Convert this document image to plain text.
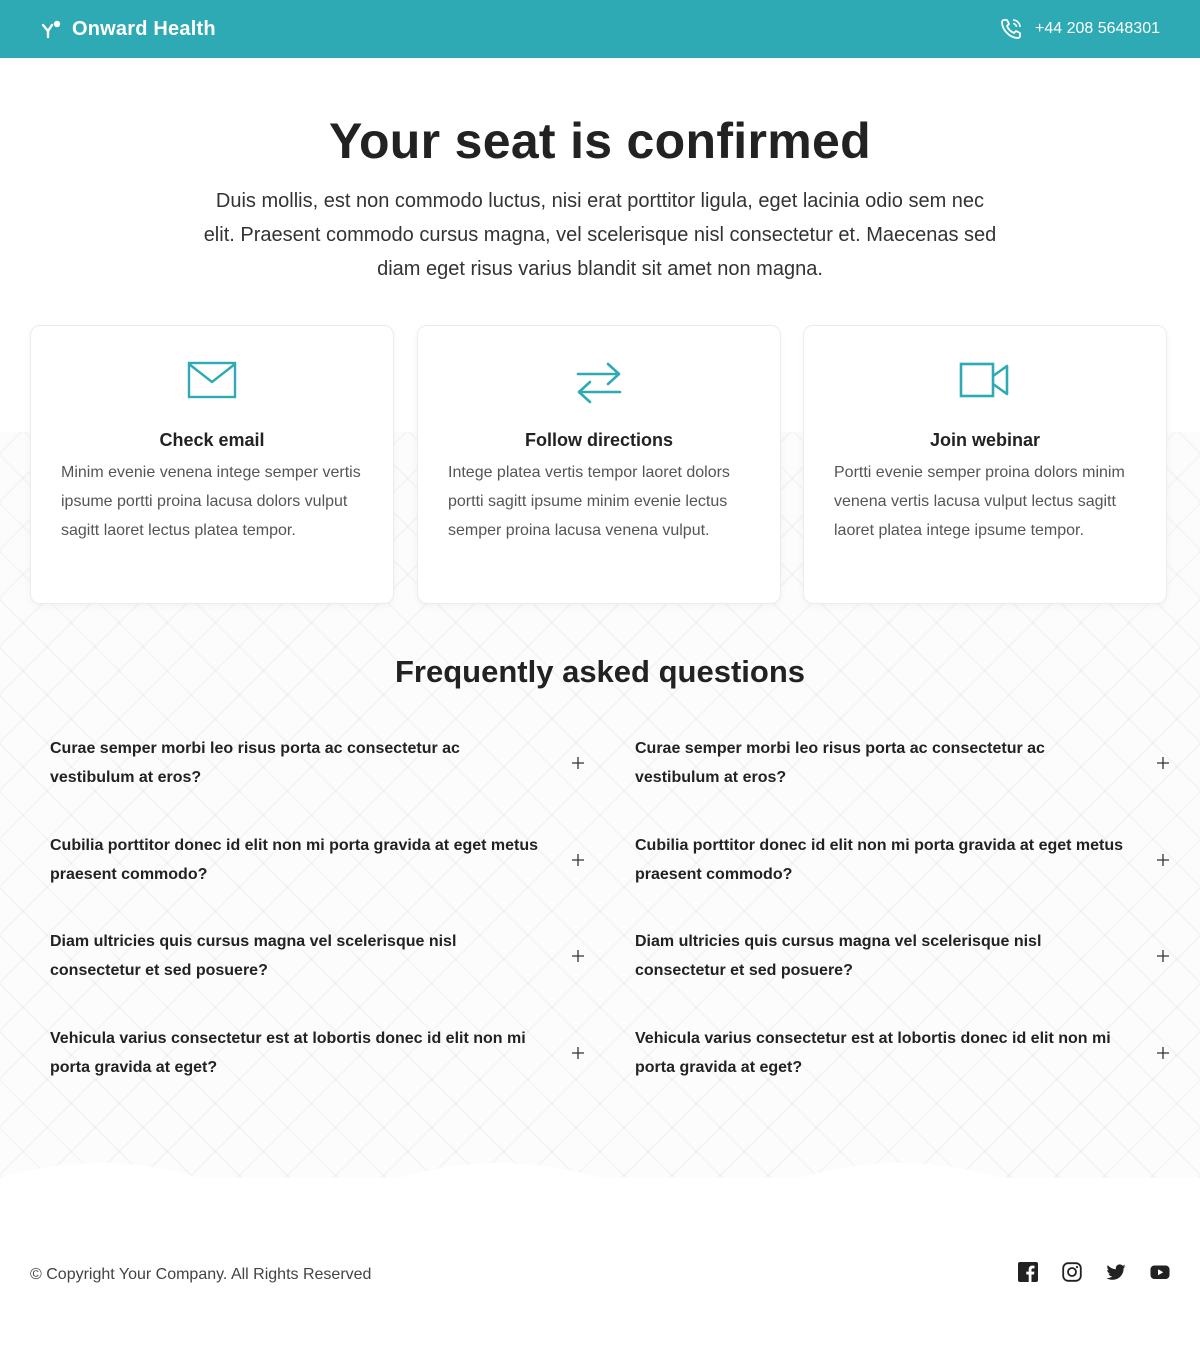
Onward Health	+44 208 5648301
Your seat is confirmed

Duis mollis, est non commodo luctus, nisi erat porttitor ligula, eget lacinia odio sem nec elit. Praesent commodo cursus magna, vel scelerisque nisl consectetur et. Maecenas sed diam eget risus varius blandit sit amet non magna.

Check email

Minim evenie venena intege semper vertis ipsume portti proina lacusa dolors vulput sagitt laoret lectus platea tempor.

Follow directions

Intege platea vertis tempor laoret dolors portti sagitt ipsume minim evenie lectus semper proina lacusa venena vulput.

Join webinar

Portti evenie semper proina dolors minim venena vertis lacusa vulput lectus sagitt laoret platea intege ipsume tempor.

Frequently asked questions
Curae semper morbi leo risus porta ac consectetur ac vestibulum at eros?
Cubilia porttitor donec id elit non mi porta gravida at eget metus praesent commodo?
Diam ultricies quis cursus magna vel scelerisque nisl consectetur et sed posuere?
Vehicula varius consectetur est at lobortis donec id elit non mi porta gravida at eget?
Curae semper morbi leo risus porta ac consectetur ac vestibulum at eros?
Cubilia porttitor donec id elit non mi porta gravida at eget metus praesent commodo?
Diam ultricies quis cursus magna vel scelerisque nisl consectetur et sed posuere?
Vehicula varius consectetur est at lobortis donec id elit non mi porta gravida at eget?
© Copyright Your Company. All Rights Reserved
